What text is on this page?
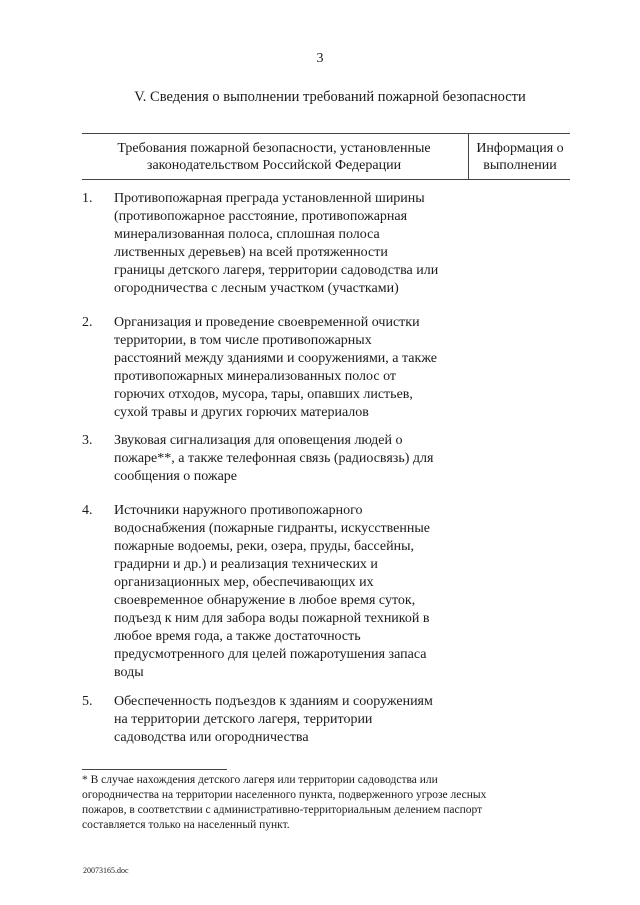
3
V. Сведения о выполнении требований пожарной безопасности
Требования пожарной безопасности, установленные законодательством Российской Федерации
Информация о выполнении
1.	Противопожарная преграда установленной ширины
(противопожарное расстояние, противопожарная
минерализованная полоса, сплошная полоса
лиственных деревьев) на всей протяженности
границы детского лагеря, территории садоводства или
огородничества с лесным участком (участками)
2.	Организация и проведение своевременной очистки
территории, в том числе противопожарных
расстояний между зданиями и сооружениями, а также
противопожарных минерализованных полос от
горючих отходов, мусора, тары, опавших листьев,
сухой травы и других горючих материалов
3.	Звуковая сигнализация для оповещения людей о
пожаре**, а также телефонная связь (радиосвязь) для
сообщения о пожаре
4.	Источники наружного противопожарного
водоснабжения (пожарные гидранты, искусственные
пожарные водоемы, реки, озера, пруды, бассейны,
градирни и др.) и реализация технических и
организационных мер, обеспечивающих их
своевременное обнаружение в любое время суток,
подъезд к ним для забора воды пожарной техникой в
любое время года, а также достаточность
предусмотренного для целей пожаротушения запаса
воды
5.	Обеспеченность подъездов к зданиям и сооружениям
на территории детского лагеря, территории
садоводства или огородничества
* В случае нахождения детского лагеря или территории садоводства или
огородничества на территории населенного пункта, подверженного угрозе лесных
пожаров, в соответствии с административно-территориальным делением паспорт
составляется только на населенный пункт.
20073165.doc
